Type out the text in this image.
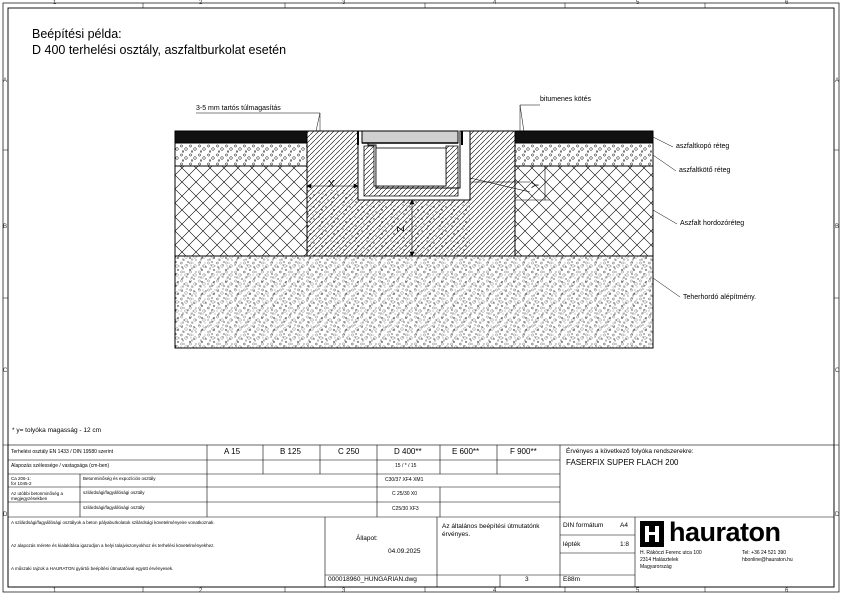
1	2	3	4	5	6
1	2	3	4	5	6
A
B
C
D
A
B
C
D
Beépítési példa:
D 400 terhelési osztály, aszfaltburkolat esetén
3-5 mm tartós túlmagasítás
bitumenes kötés
aszfaltkopó réteg
aszfaltkötő réteg
Aszfalt hordozóréteg
Teherhordó alépítmény.
X	Y
Z
* y= tolyóka magasság - 12 cm
Terhelési osztály EN 1433 / DIN 19580 szerint	A 15	B 125	C 250	D 400**	E 600**	F 900**	Érvényes a következő folyóka rendszerekre:
FASERFIX SUPER FLACH 200
Alapozás szélessége / vastagsága (cm-ben)	15 / * / 15
Ca 206-1:
for 1045-2
Betonminőség és expozíciós osztály	C30/37 XF4 XM1
Az utóbbi betonminőség a megjegyzésekben
szilárdsági/fagyállósági osztály	C 25/30 X0
szilárdsági/fagyállósági osztály	C25/30 XF3
A szilárdsági/fagyállósági osztályok a beton pályaburkolatok szilárdsági követelményeire vonatkoznak.
Az alapozás mérete és kialakítása igazodjon a helyi talajviszonyokhoz és terhelési követelményekhez.
A műszaki rajzok a HAURATON gyártói beépítési útmutatóival együtt érvényesek.
Állapot:
04.09.2025
Az általános beépítési útmutatónk érvényes.
DIN formátum	A4
lépték	1:8
000018960_HUNGARIAN.dwg	3	E88m
hauraton
H. Rákóczi Ferenc utca 100
2314 Halásztelek
Magyarország
Tel: +36 24 521 390
hbonline@hauraton.hu
